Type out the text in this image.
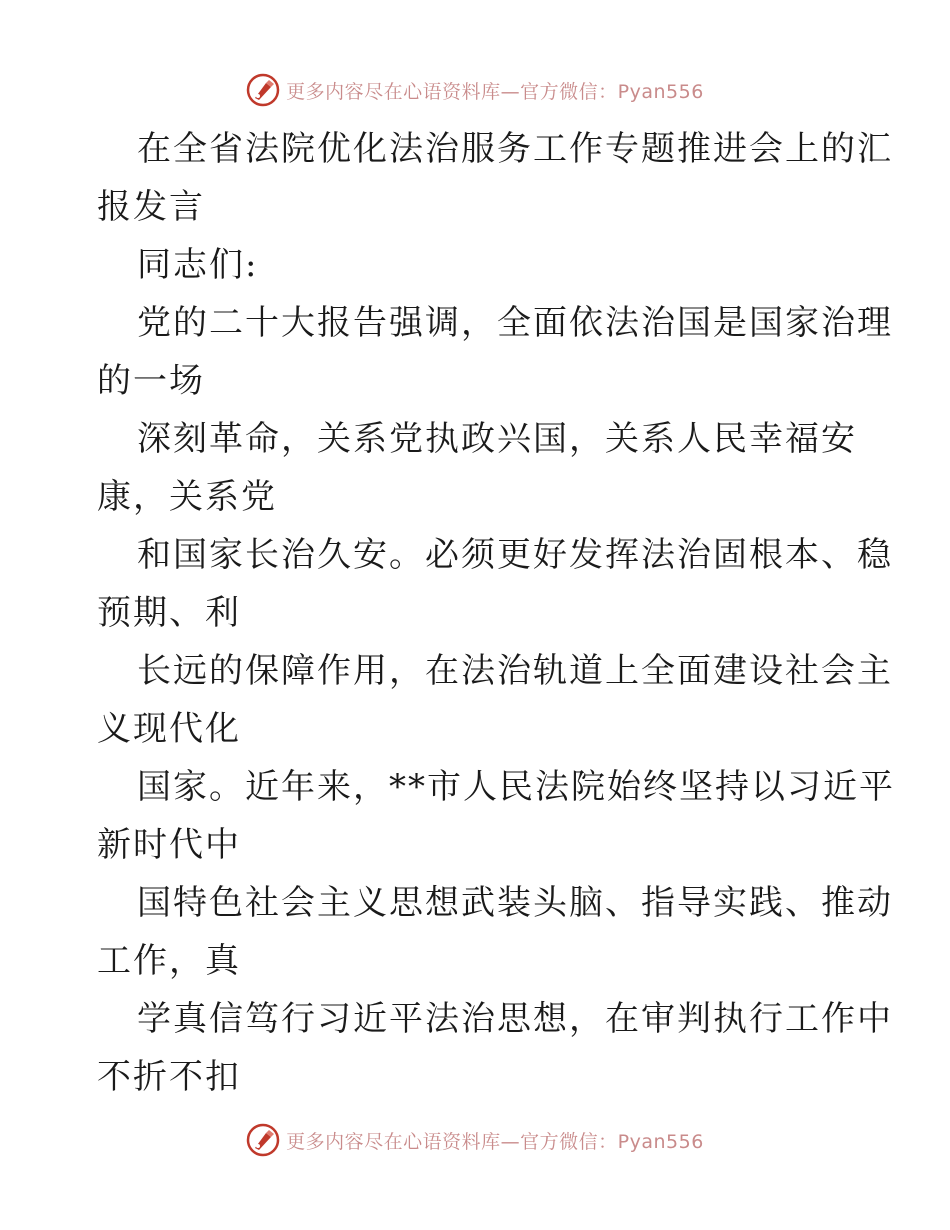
更多内容尽在心语资料库—官方微信：Pyan556
在全省法院优化法治服务工作专题推进会上的汇
报发言
同志们:
党的二十大报告强调，全面依法治国是国家治理
的一场
深刻革命，关系党执政兴国，关系人民幸福安
康，关系党
和国家长治久安。必须更好发挥法治固根本、稳
预期、利
长远的保障作用，在法治轨道上全面建设社会主
义现代化
国家。近年来，**市人民法院始终坚持以习近平
新时代中
国特色社会主义思想武装头脑、指导实践、推动
工作，真
学真信笃行习近平法治思想，在审判执行工作中
不折不扣
更多内容尽在心语资料库—官方微信：Pyan556
